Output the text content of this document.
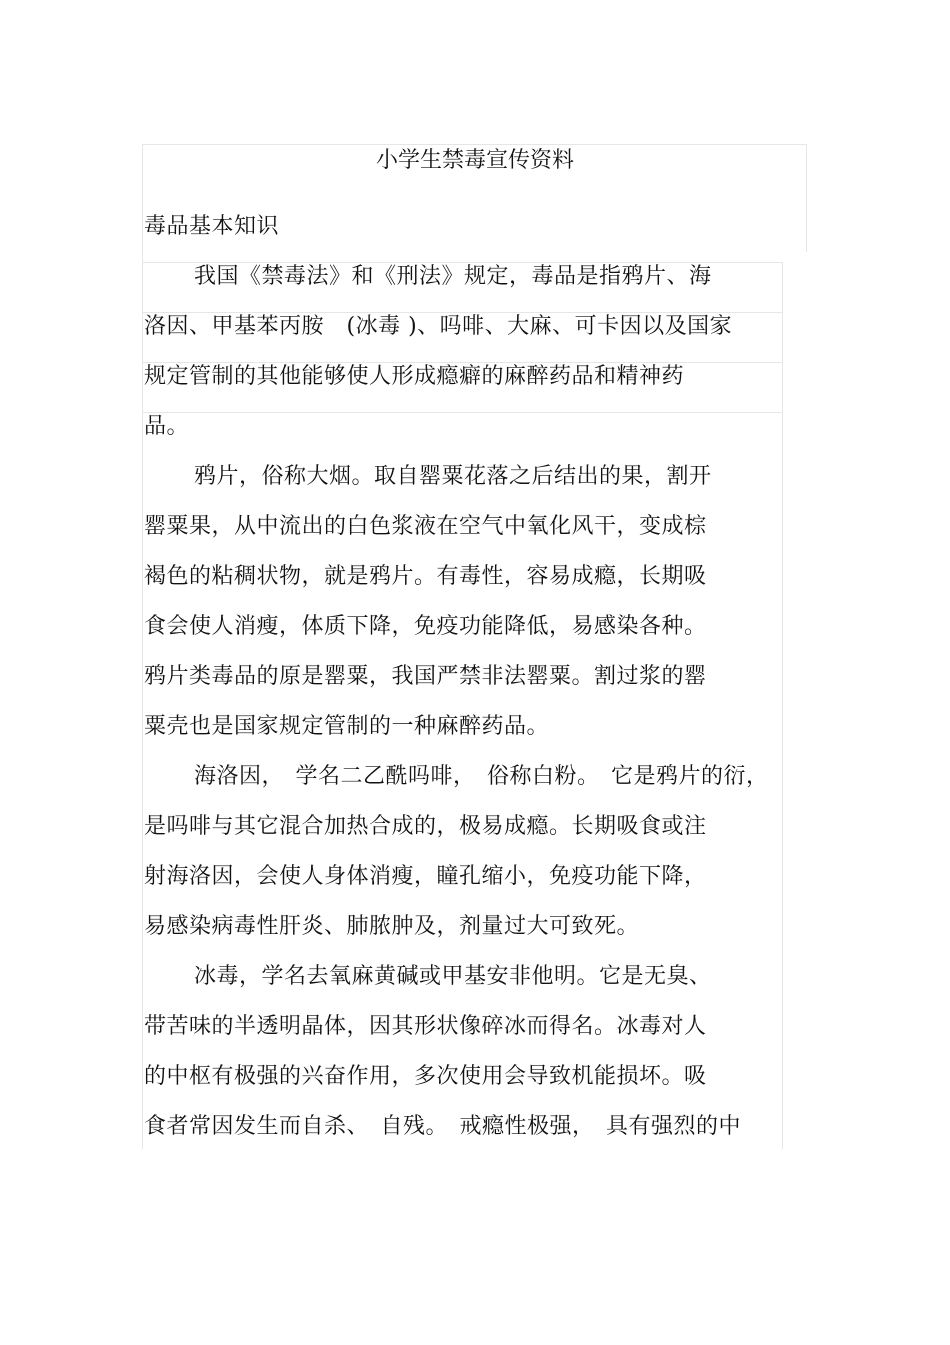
小学生禁毒宣传资料
毒品基本知识
我国《禁毒法》和《刑法》规定，毒品是指鸦片、海
洛因、甲基苯丙胺　(冰毒 )、吗啡、大麻、可卡因以及国家
规定管制的其他能够使人形成瘾癖的麻醉药品和精神药
品。
鸦片，俗称大烟。取自罂粟花落之后结出的果，割开
罂粟果，从中流出的白色浆液在空气中氧化风干，变成棕
褐色的粘稠状物，就是鸦片。有毒性，容易成瘾，长期吸
食会使人消瘦，体质下降，免疫功能降低，易感染各种。
鸦片类毒品的原是罂粟，我国严禁非法罂粟。割过浆的罂
粟壳也是国家规定管制的一种麻醉药品。
海洛因，　学名二乙酰吗啡，　俗称白粉。　它是鸦片的衍，
是吗啡与其它混合加热合成的，极易成瘾。长期吸食或注
射海洛因，会使人身体消瘦，瞳孔缩小，免疫功能下降，
易感染病毒性肝炎、肺脓肿及，剂量过大可致死。
冰毒，学名去氧麻黄碱或甲基安非他明。它是无臭、
带苦味的半透明晶体，因其形状像碎冰而得名。冰毒对人
的中枢有极强的兴奋作用，多次使用会导致机能损坏。吸
食者常因发生而自杀、　自残。　戒瘾性极强，　具有强烈的中
